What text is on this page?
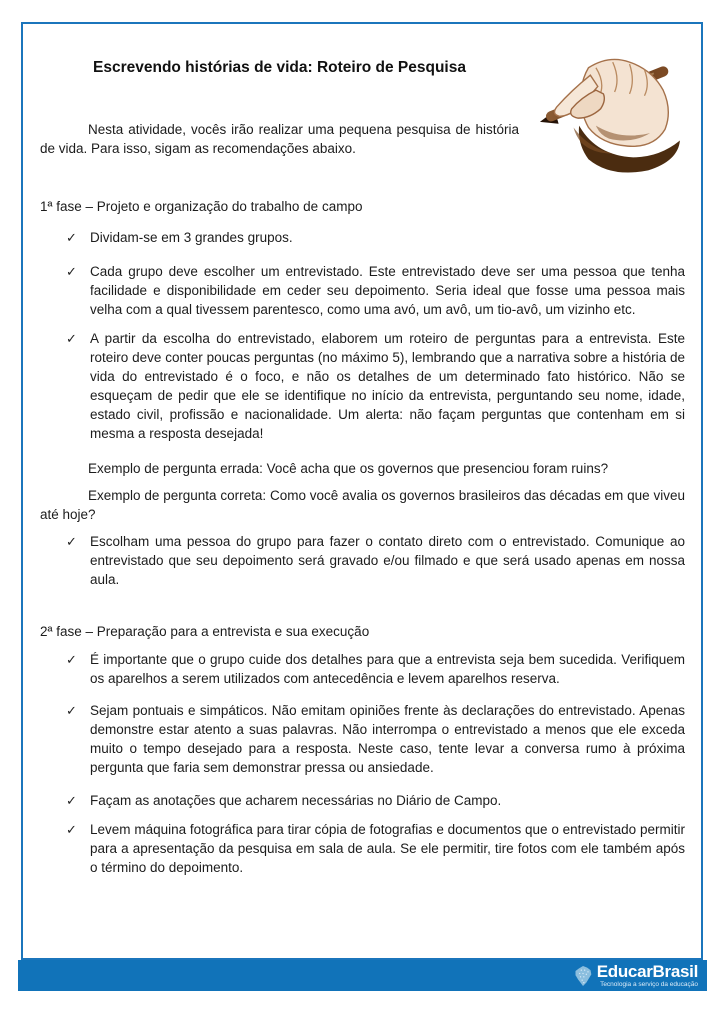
Escrevendo histórias de vida: Roteiro de Pesquisa

Nesta atividade, vocês irão realizar uma pequena pesquisa de história de vida. Para isso, sigam as recomendações abaixo.

1ª fase – Projeto e organização do trabalho de campo
✓ Dividam-se em 3 grandes grupos.
✓ Cada grupo deve escolher um entrevistado. Este entrevistado deve ser uma pessoa que tenha facilidade e disponibilidade em ceder seu depoimento. Seria ideal que fosse uma pessoa mais velha com a qual tivessem parentesco, como uma avó, um avô, um tio-avô, um vizinho etc.
✓ A partir da escolha do entrevistado, elaborem um roteiro de perguntas para a entrevista. Este roteiro deve conter poucas perguntas (no máximo 5), lembrando que a narrativa sobre a história de vida do entrevistado é o foco, e não os detalhes de um determinado fato histórico. Não se esqueçam de pedir que ele se identifique no início da entrevista, perguntando seu nome, idade, estado civil, profissão e nacionalidade. Um alerta: não façam perguntas que contenham em si mesma a resposta desejada!

Exemplo de pergunta errada: Você acha que os governos que presenciou foram ruins?

Exemplo de pergunta correta: Como você avalia os governos brasileiros das décadas em que viveu até hoje?

✓ Escolham uma pessoa do grupo para fazer o contato direto com o entrevistado. Comunique ao entrevistado que seu depoimento será gravado e/ou filmado e que será usado apenas em nossa aula.
2ª fase – Preparação para a entrevista e sua execução
✓ É importante que o grupo cuide dos detalhes para que a entrevista seja bem sucedida. Verifiquem os aparelhos a serem utilizados com antecedência e levem aparelhos reserva.
✓ Sejam pontuais e simpáticos. Não emitam opiniões frente às declarações do entrevistado. Apenas demonstre estar atento a suas palavras. Não interrompa o entrevistado a menos que ele exceda muito o tempo desejado para a resposta. Neste caso, tente levar a conversa rumo à próxima pergunta que faria sem demonstrar pressa ou ansiedade.
✓ Façam as anotações que acharem necessárias no Diário de Campo.
✓ Levem máquina fotográfica para tirar cópia de fotografias e documentos que o entrevistado permitir para a apresentação da pesquisa em sala de aula. Se ele permitir, tire fotos com ele também após o término do depoimento.
EducarBrasil
Tecnologia a serviço da educação
